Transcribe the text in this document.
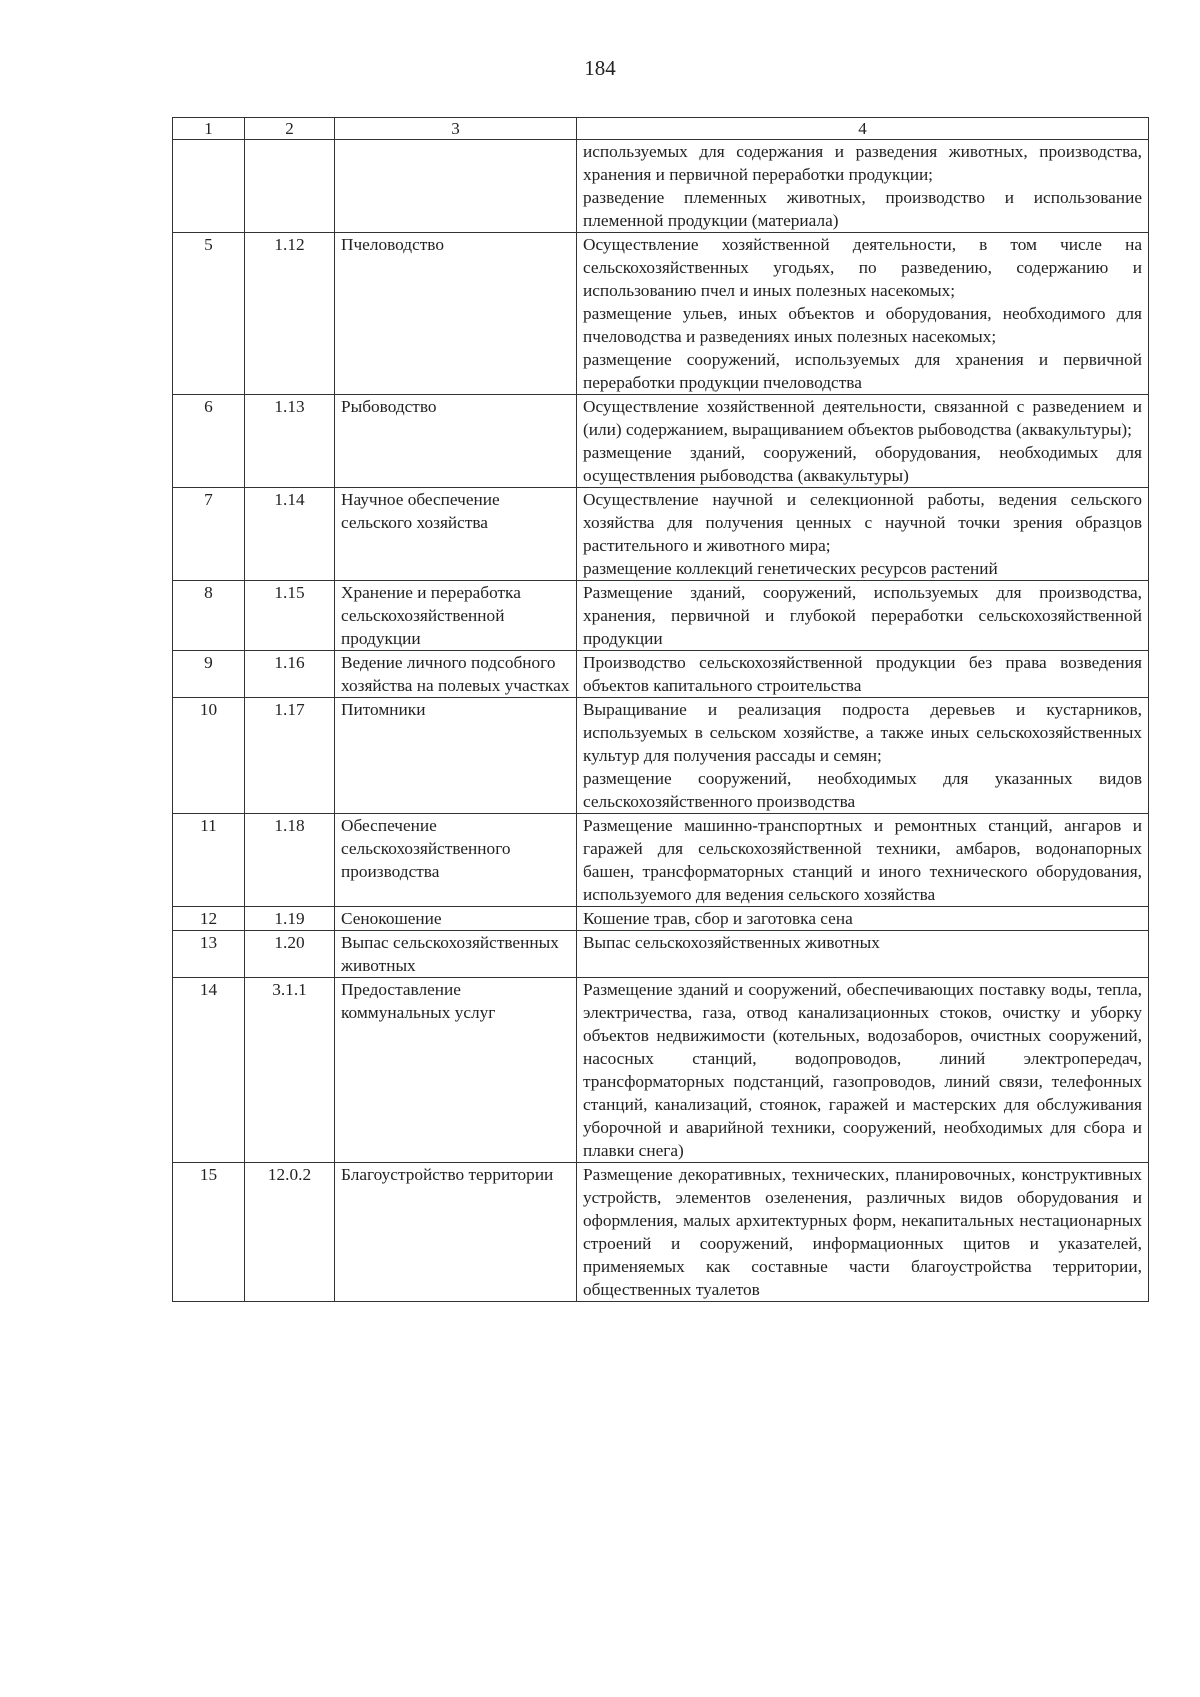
184
1	2	3	4

			используемых для содержания и разведения животных, производства, хранения и первичной переработки продукции;
разведение племенных животных, производство и использование племенной продукции (материала)

5	1.12	Пчеловодство	Осуществление хозяйственной деятельности, в том числе на сельскохозяйственных угодьях, по разведению, содержанию и использованию пчел и иных полезных насекомых;
размещение ульев, иных объектов и оборудования, необходимого для пчеловодства и разведениях иных полезных насекомых;
размещение сооружений, используемых для хранения и первичной переработки продукции пчеловодства

6	1.13	Рыбоводство	Осуществление хозяйственной деятельности, связанной с разведением и (или) содержанием, выращиванием объектов рыбоводства (аквакультуры);
размещение зданий, сооружений, оборудования, необходимых для осуществления рыбоводства (аквакультуры)

7	1.14	Научное обеспечение сельского хозяйства	Осуществление научной и селекционной работы, ведения сельского хозяйства для получения ценных с научной точки зрения образцов растительного и животного мира;
размещение коллекций генетических ресурсов растений

8	1.15	Хранение и переработка сельскохозяйственной продукции	Размещение зданий, сооружений, используемых для производства, хранения, первичной и глубокой переработки сельскохозяйственной продукции

9	1.16	Ведение личного подсобного хозяйства на полевых участках	Производство сельскохозяйственной продукции без права возведения объектов капитального строительства

10	1.17	Питомники	Выращивание и реализация подроста деревьев и кустарников, используемых в сельском хозяйстве, а также иных сельскохозяйственных культур для получения рассады и семян;
размещение сооружений, необходимых для указанных видов сельскохозяйственного производства

11	1.18	Обеспечение сельскохозяйственного производства	Размещение машинно-транспортных и ремонтных станций, ангаров и гаражей для сельскохозяйственной техники, амбаров, водонапорных башен, трансформаторных станций и иного технического оборудования, используемого для ведения сельского хозяйства

12	1.19	Сенокошение	Кошение трав, сбор и заготовка сена

13	1.20	Выпас сельскохозяйственных животных	Выпас сельскохозяйственных животных

14	3.1.1	Предоставление коммунальных услуг	Размещение зданий и сооружений, обеспечивающих поставку воды, тепла, электричества, газа, отвод канализационных стоков, очистку и уборку объектов недвижимости (котельных, водозаборов, очистных сооружений, насосных станций, водопроводов, линий электропередач, трансформаторных подстанций, газопроводов, линий связи, телефонных станций, канализаций, стоянок, гаражей и мастерских для обслуживания уборочной и аварийной техники, сооружений, необходимых для сбора и плавки снега)

15	12.0.2	Благоустройство территории	Размещение декоративных, технических, планировочных, конструктивных устройств, элементов озеленения, различных видов оборудования и оформления, малых архитектурных форм, некапитальных нестационарных строений и сооружений, информационных щитов и указателей, применяемых как составные части благоустройства территории, общественных туалетов
